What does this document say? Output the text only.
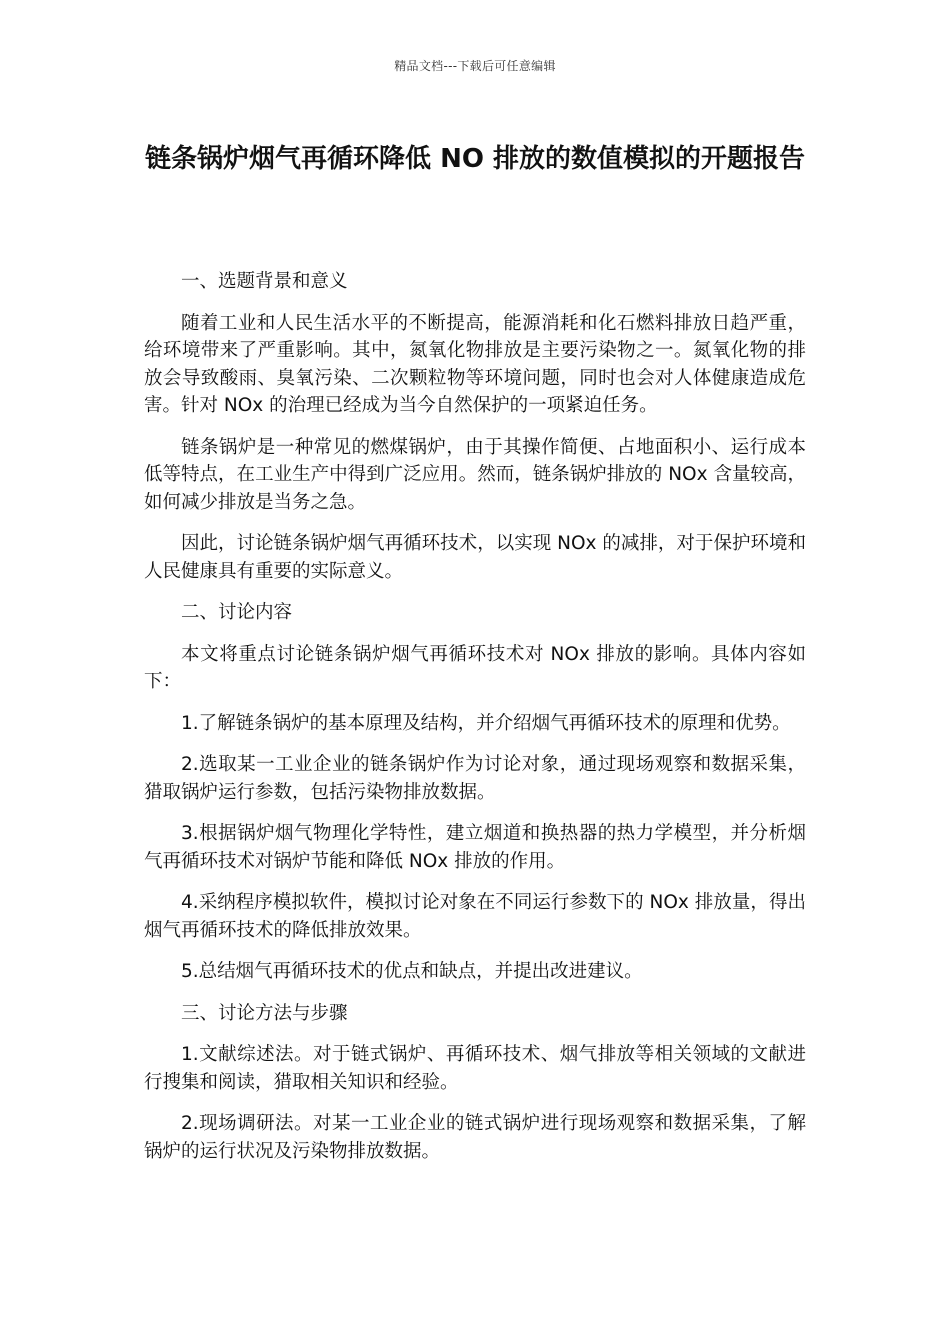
精品文档---下载后可任意编辑
链条锅炉烟气再循环降低 NO 排放的数值模拟的开题报告
一、选题背景和意义

随着工业和人民生活水平的不断提高，能源消耗和化石燃料排放日趋严重，给环境带来了严重影响。其中，氮氧化物排放是主要污染物之一。氮氧化物的排放会导致酸雨、臭氧污染、二次颗粒物等环境问题，同时也会对人体健康造成危害。针对 NOx 的治理已经成为当今自然保护的一项紧迫任务。

链条锅炉是一种常见的燃煤锅炉，由于其操作简便、占地面积小、运行成本低等特点，在工业生产中得到广泛应用。然而，链条锅炉排放的 NOx 含量较高，如何减少排放是当务之急。

因此，讨论链条锅炉烟气再循环技术，以实现 NOx 的减排，对于保护环境和人民健康具有重要的实际意义。

二、讨论内容

本文将重点讨论链条锅炉烟气再循环技术对 NOx 排放的影响。具体内容如下：

1.了解链条锅炉的基本原理及结构，并介绍烟气再循环技术的原理和优势。

2.选取某一工业企业的链条锅炉作为讨论对象，通过现场观察和数据采集，猎取锅炉运行参数，包括污染物排放数据。

3.根据锅炉烟气物理化学特性，建立烟道和换热器的热力学模型，并分析烟气再循环技术对锅炉节能和降低 NOx 排放的作用。

4.采纳程序模拟软件，模拟讨论对象在不同运行参数下的 NOx 排放量，得出烟气再循环技术的降低排放效果。

5.总结烟气再循环技术的优点和缺点，并提出改进建议。

三、讨论方法与步骤

1.文献综述法。对于链式锅炉、再循环技术、烟气排放等相关领域的文献进行搜集和阅读，猎取相关知识和经验。

2.现场调研法。对某一工业企业的链式锅炉进行现场观察和数据采集，了解锅炉的运行状况及污染物排放数据。
